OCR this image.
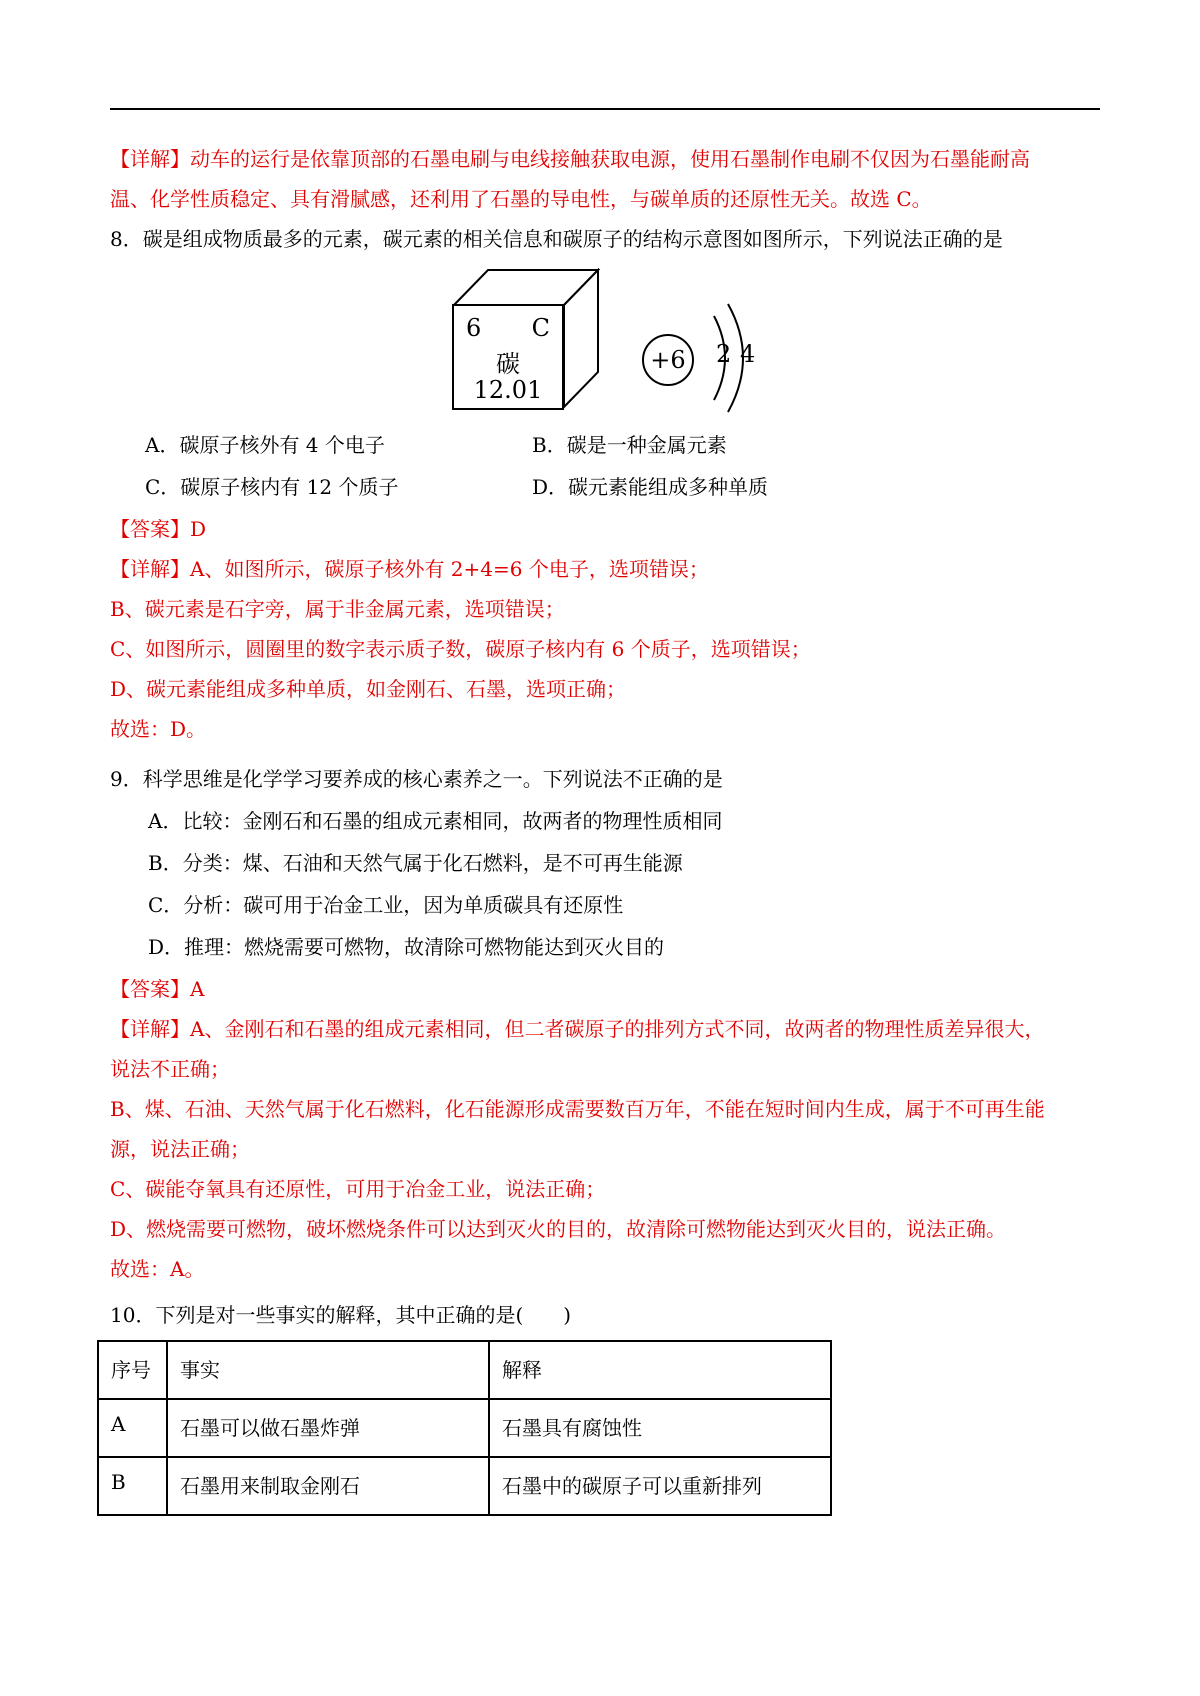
【详解】动车的运行是依靠顶部的石墨电刷与电线接触获取电源，使用石墨制作电刷不仅因为石墨能耐高
温、化学性质稳定、具有滑腻感，还利用了石墨的导电性，与碳单质的还原性无关。故选 C。
8．碳是组成物质最多的元素，碳元素的相关信息和碳原子的结构示意图如图所示，下列说法正确的是
6 C
碳
12.01
+6	2 4
A．碳原子核外有 4 个电子	B．碳是一种金属元素
C．碳原子核内有 12 个质子	D．碳元素能组成多种单质
【答案】D
【详解】A、如图所示，碳原子核外有 2+4=6 个电子，选项错误；
B、碳元素是石字旁，属于非金属元素，选项错误；
C、如图所示，圆圈里的数字表示质子数，碳原子核内有 6 个质子，选项错误；
D、碳元素能组成多种单质，如金刚石、石墨，选项正确；
故选：D。
9．科学思维是化学学习要养成的核心素养之一。下列说法不正确的是
A．比较：金刚石和石墨的组成元素相同，故两者的物理性质相同
B．分类：煤、石油和天然气属于化石燃料，是不可再生能源
C．分析：碳可用于冶金工业，因为单质碳具有还原性
D．推理：燃烧需要可燃物，故清除可燃物能达到灭火目的
【答案】A
【详解】A、金刚石和石墨的组成元素相同，但二者碳原子的排列方式不同，故两者的物理性质差异很大，
说法不正确；
B、煤、石油、天然气属于化石燃料，化石能源形成需要数百万年，不能在短时间内生成，属于不可再生能
源，说法正确；
C、碳能夺氧具有还原性，可用于冶金工业，说法正确；
D、燃烧需要可燃物，破坏燃烧条件可以达到灭火的目的，故清除可燃物能达到灭火目的，说法正确。
故选：A。
10．下列是对一些事实的解释，其中正确的是(　　)
序号	事实	解释
A	石墨可以做石墨炸弹	石墨具有腐蚀性
B	石墨用来制取金刚石	石墨中的碳原子可以重新排列
